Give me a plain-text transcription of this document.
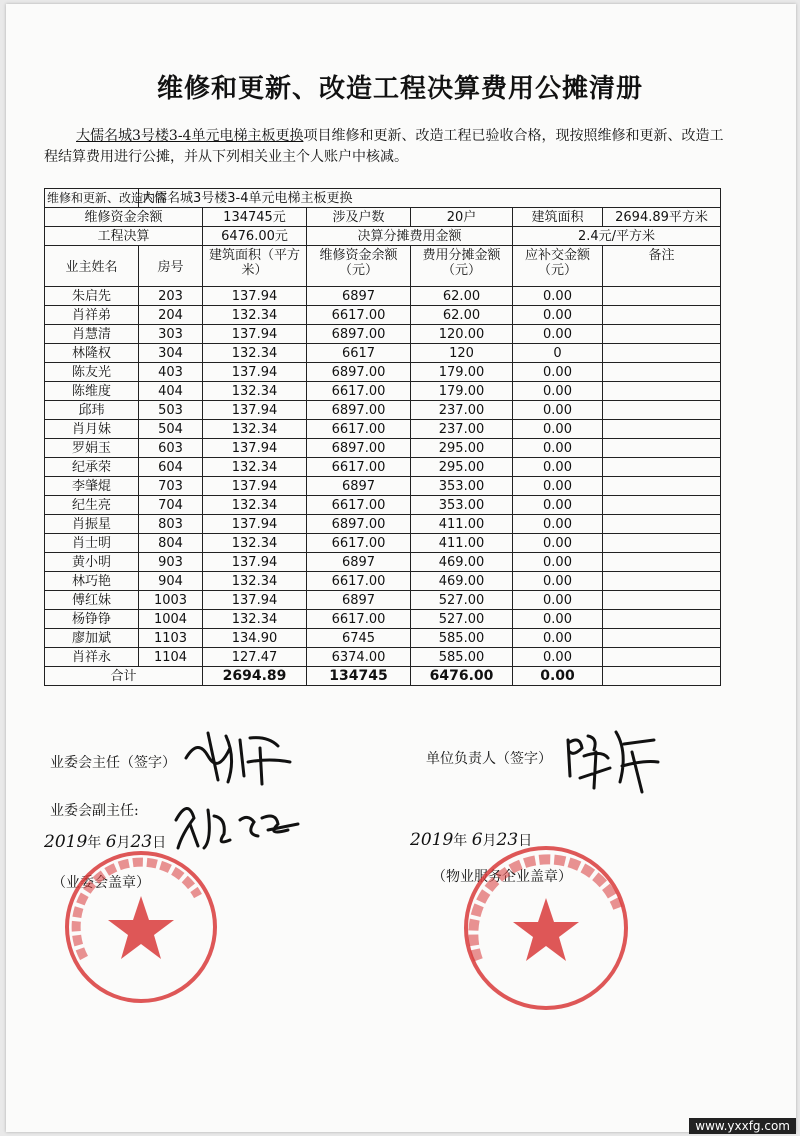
维修和更新、改造工程决算费用公摊清册

大儒名城3号楼3-4单元电梯主板更换项目维修和更新、改造工程已验收合格，现按照维修和更新、改造工程结算费用进行公摊，并从下列相关业主个人账户中核减。

维修和更新、改造内容	大儒名城3号楼3-4单元电梯主板更换					
维修资金余额		134745元	涉及户数	20户	建筑面积	2694.89平方米
工程决算		6476.00元	决算分摊费用金额		2.4元/平方米	
业主姓名	房号	建筑面积（平方米）	维修资金余额（元）	费用分摊金额（元）	应补交金额（元）	备注
朱启先	203	137.94	6897	62.00	0.00	
肖祥弟	204	132.34	6617.00	62.00	0.00	
肖慧清	303	137.94	6897.00	120.00	0.00	
林隆权	304	132.34	6617	120	0	
陈友光	403	137.94	6897.00	179.00	0.00	
陈维度	404	132.34	6617.00	179.00	0.00	
邱玮	503	137.94	6897.00	237.00	0.00	
肖月妹	504	132.34	6617.00	237.00	0.00	
罗娟玉	603	137.94	6897.00	295.00	0.00	
纪承荣	604	132.34	6617.00	295.00	0.00	
李肇焜	703	137.94	6897	353.00	0.00	
纪生亮	704	132.34	6617.00	353.00	0.00	
肖振星	803	137.94	6897.00	411.00	0.00	
肖士明	804	132.34	6617.00	411.00	0.00	
黄小明	903	137.94	6897	469.00	0.00	
林巧艳	904	132.34	6617.00	469.00	0.00	
傅红妹	1003	137.94	6897	527.00	0.00	
杨铮铮	1004	132.34	6617.00	527.00	0.00	
廖加斌	1103	134.90	6745	585.00	0.00	
肖祥永	1104	127.47	6374.00	585.00	0.00	
合计		2694.89	134745	6476.00	0.00	
业委会主任（签字）	单位负责人（签字）
业委会副主任:
2019年 6月23日	2019年 6月23日
（业委会盖章）	（物业服务企业盖章）
www.yxxfg.com
